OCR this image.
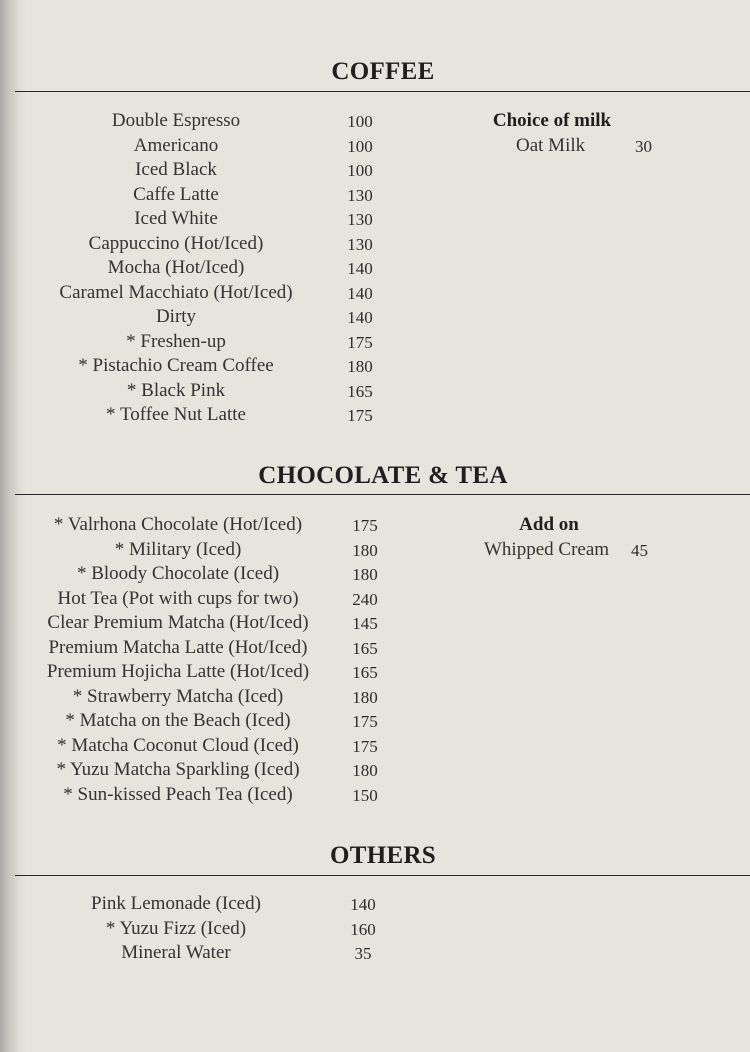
COFFEE
Double Espresso	100
Americano	100
Iced Black	100
Caffe Latte	130
Iced White	130
Cappuccino (Hot/Iced)	130
Mocha (Hot/Iced)	140
Caramel Macchiato (Hot/Iced)	140
Dirty	140
* Freshen-up	175
* Pistachio Cream Coffee	180
* Black Pink	165
* Toffee Nut Latte	175
Choice of milk
Oat Milk	30
CHOCOLATE & TEA
* Valrhona Chocolate (Hot/Iced)	175
* Military (Iced)	180
* Bloody Chocolate (Iced)	180
Hot Tea (Pot with cups for two)	240
Clear Premium Matcha (Hot/Iced)	145
Premium Matcha Latte (Hot/Iced)	165
Premium Hojicha Latte (Hot/Iced)	165
* Strawberry Matcha (Iced)	180
* Matcha on the Beach (Iced)	175
* Matcha Coconut Cloud (Iced)	175
* Yuzu Matcha Sparkling (Iced)	180
* Sun-kissed Peach Tea (Iced)	150
Add on
Whipped Cream 45
OTHERS
Pink Lemonade (Iced)	140
* Yuzu Fizz (Iced)	160
Mineral Water	35
